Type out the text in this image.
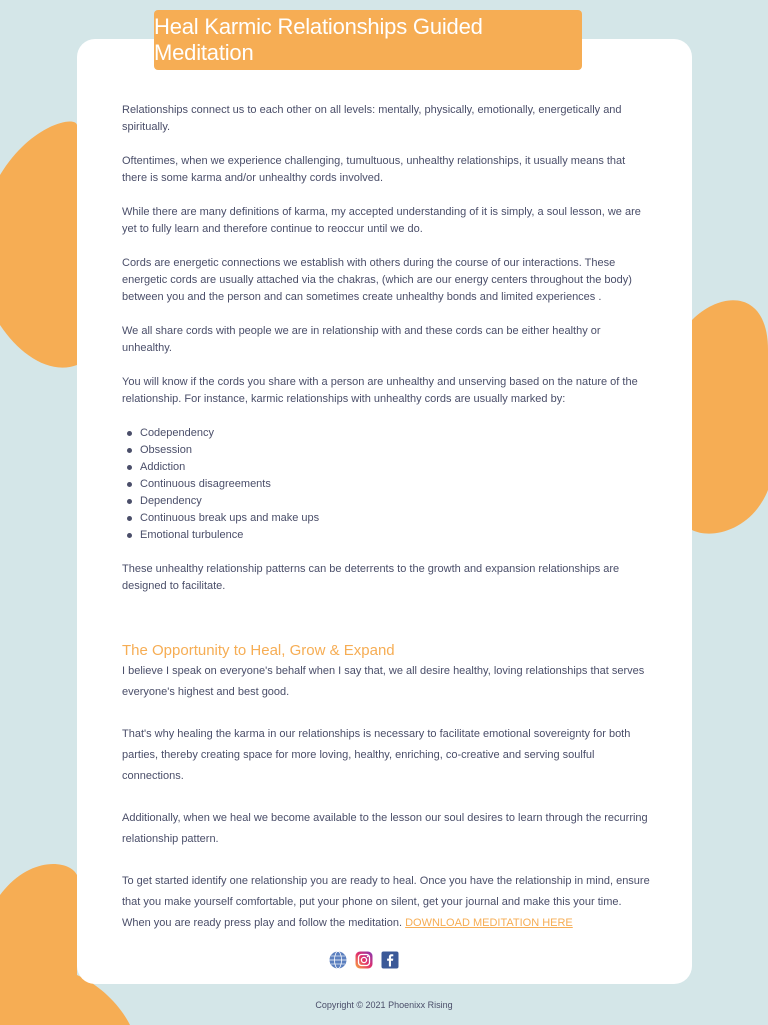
Relationships connect us to each other on all levels: mentally, physically, emotionally, energetically and spiritually.

Oftentimes, when we experience challenging, tumultuous, unhealthy relationships, it usually means that there is some karma and/or unhealthy cords involved.

While there are many definitions of karma, my accepted understanding of it is simply, a soul lesson, we are yet to fully learn and therefore continue to reoccur until we do.

Cords are energetic connections we establish with others during the course of our interactions. These energetic cords are usually attached via the chakras, (which are our energy centers throughout the body) between you and the person and can sometimes create unhealthy bonds and limited experiences .

We all share cords with people we are in relationship with and these cords can be either healthy or unhealthy.

You will know if the cords you share with a person are unhealthy and unserving based on the nature of the relationship. For instance, karmic relationships with unhealthy cords are usually marked by:

Codependency
Obsession
Addiction
Continuous disagreements
Dependency
Continuous break ups and make ups
Emotional turbulence

These unhealthy relationship patterns can be deterrents to the growth and expansion relationships are designed to facilitate.

The Opportunity to Heal, Grow & Expand

I believe I speak on everyone's behalf when I say that, we all desire healthy, loving relationships that serves everyone's highest and best good.

That's why healing the karma in our relationships is necessary to facilitate emotional sovereignty for both parties, thereby creating space for more loving, healthy, enriching, co-creative and serving soulful connections.

Additionally, when we heal we become available to the lesson our soul desires to learn through the recurring relationship pattern.

To get started identify one relationship you are ready to heal. Once you have the relationship in mind, ensure that you make yourself comfortable, put your phone on silent, get your journal and make this your time. When you are ready press play and follow the meditation. DOWNLOAD MEDITATION HERE

Heal Karmic Relationships Guided Meditation
Copyright © 2021 Phoenixx Rising
